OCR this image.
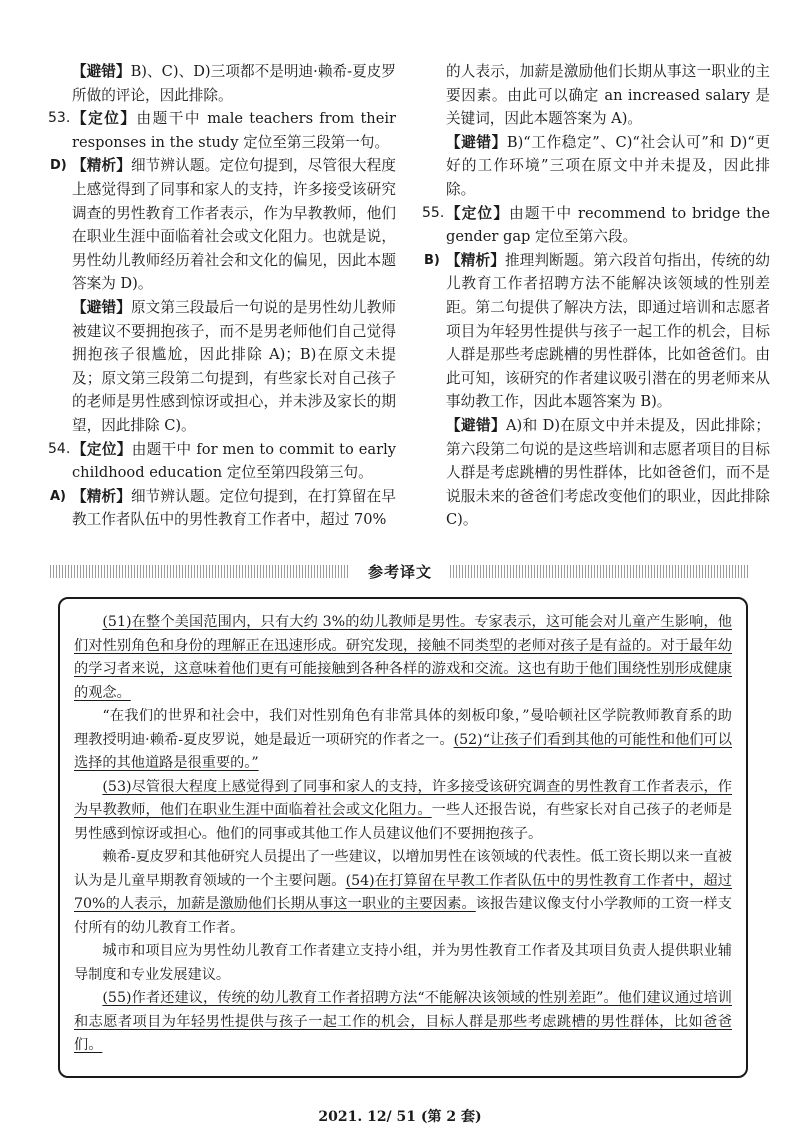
【避错】B)、C)、D)三项都不是明迪·赖希-夏皮罗所做的评论，因此排除。
53. 【定位】由题干中 male teachers from their responses in the study 定位至第三段第一句。
D) 【精析】细节辨认题。定位句提到，尽管很大程度上感觉得到了同事和家人的支持，许多接受该研究调查的男性教育工作者表示，作为早教教师，他们在职业生涯中面临着社会或文化阻力。也就是说，男性幼儿教师经历着社会和文化的偏见，因此本题答案为 D)。
【避错】原文第三段最后一句说的是男性幼儿教师被建议不要拥抱孩子，而不是男老师他们自己觉得拥抱孩子很尴尬，因此排除 A)；B)在原文未提及；原文第三段第二句提到，有些家长对自己孩子的老师是男性感到惊讶或担心，并未涉及家长的期望，因此排除 C)。
54. 【定位】由题干中 for men to commit to early childhood education 定位至第四段第三句。
A) 【精析】细节辨认题。定位句提到，在打算留在早教工作者队伍中的男性教育工作者中，超过 70%
的人表示，加薪是激励他们长期从事这一职业的主要因素。由此可以确定 an increased salary 是关键词，因此本题答案为 A)。
【避错】B)“工作稳定”、C)“社会认可”和 D)“更好的工作环境”三项在原文中并未提及，因此排除。
55. 【定位】由题干中 recommend to bridge the gender gap 定位至第六段。
B) 【精析】推理判断题。第六段首句指出，传统的幼儿教育工作者招聘方法不能解决该领域的性别差距。第二句提供了解决方法，即通过培训和志愿者项目为年轻男性提供与孩子一起工作的机会，目标人群是那些考虑跳槽的男性群体，比如爸爸们。由此可知，该研究的作者建议吸引潜在的男老师来从事幼教工作，因此本题答案为 B)。
【避错】A)和 D)在原文中并未提及，因此排除；第六段第二句说的是这些培训和志愿者项目的目标人群是考虑跳槽的男性群体，比如爸爸们，而不是说服未来的爸爸们考虑改变他们的职业，因此排除 C)。
参考译文

(51)在整个美国范围内，只有大约 3%的幼儿教师是男性。专家表示，这可能会对儿童产生影响，他们对性别角色和身份的理解正在迅速形成。研究发现，接触不同类型的老师对孩子是有益的。对于最年幼的学习者来说，这意味着他们更有可能接触到各种各样的游戏和交流。这也有助于他们围绕性别形成健康的观念。

“在我们的世界和社会中，我们对性别角色有非常具体的刻板印象，”曼哈顿社区学院教师教育系的助理教授明迪·赖希-夏皮罗说，她是最近一项研究的作者之一。(52)“让孩子们看到其他的可能性和他们可以选择的其他道路是很重要的。”

(53)尽管很大程度上感觉得到了同事和家人的支持，许多接受该研究调查的男性教育工作者表示，作为早教教师，他们在职业生涯中面临着社会或文化阻力。一些人还报告说，有些家长对自己孩子的老师是男性感到惊讶或担心。他们的同事或其他工作人员建议他们不要拥抱孩子。

赖希-夏皮罗和其他研究人员提出了一些建议，以增加男性在该领域的代表性。低工资长期以来一直被认为是儿童早期教育领域的一个主要问题。(54)在打算留在早教工作者队伍中的男性教育工作者中，超过 70%的人表示，加薪是激励他们长期从事这一职业的主要因素。该报告建议像支付小学教师的工资一样支付所有的幼儿教育工作者。

城市和项目应为男性幼儿教育工作者建立支持小组，并为男性教育工作者及其项目负责人提供职业辅导制度和专业发展建议。

(55)作者还建议，传统的幼儿教育工作者招聘方法“不能解决该领域的性别差距”。他们建议通过培训和志愿者项目为年轻男性提供与孩子一起工作的机会，目标人群是那些考虑跳槽的男性群体，比如爸爸们。

2021. 12/ 51 (第 2 套)
